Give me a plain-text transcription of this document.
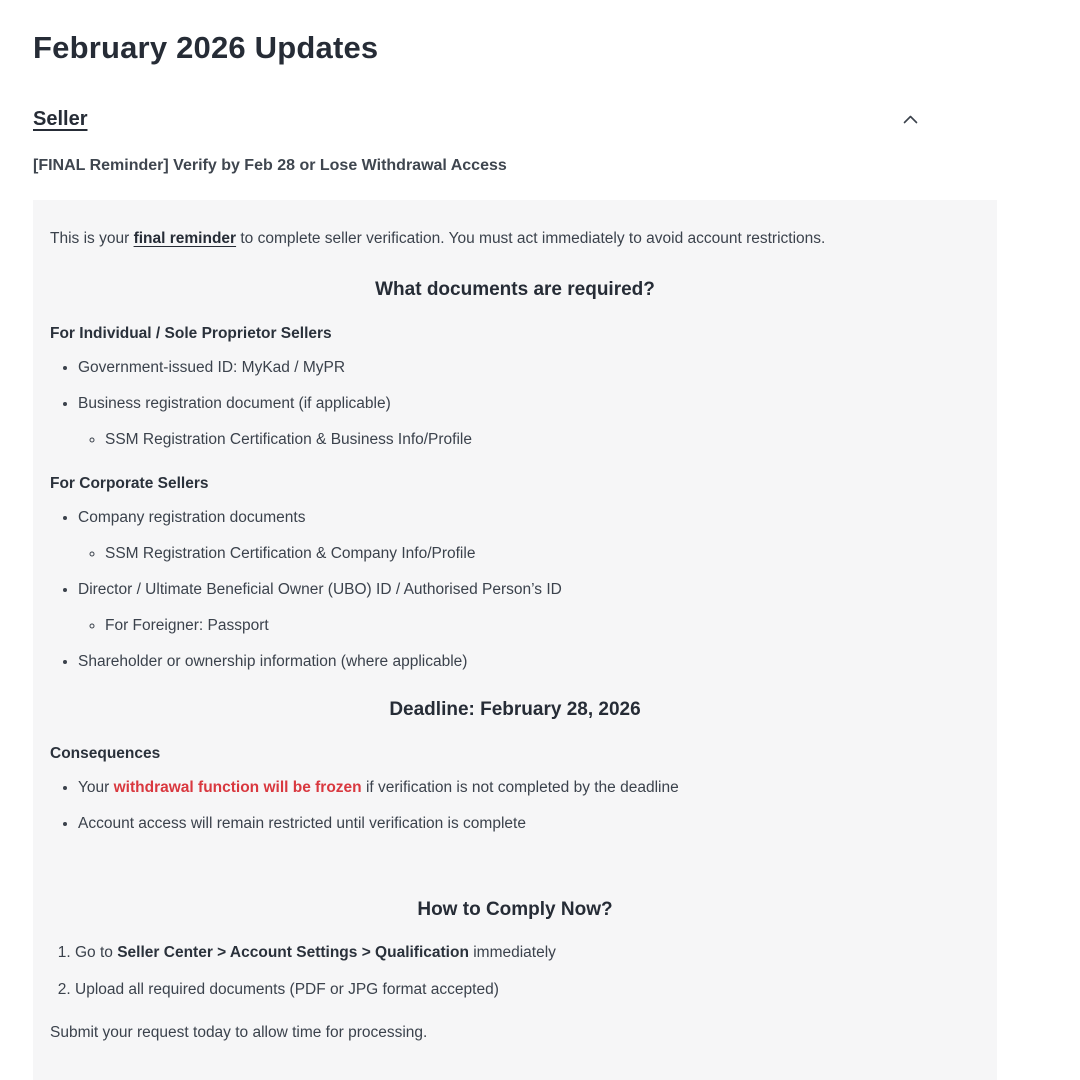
February 2026 Updates
Seller
[FINAL Reminder] Verify by Feb 28 or Lose Withdrawal Access

This is your final reminder to complete seller verification. You must act immediately to avoid account restrictions.

What documents are required?

For Individual / Sole Proprietor Sellers

• Government-issued ID: MyKad / MyPR
• Business registration document (if applicable)
◦ SSM Registration Certification & Business Info/Profile

For Corporate Sellers

• Company registration documents
◦ SSM Registration Certification & Company Info/Profile
• Director / Ultimate Beneficial Owner (UBO) ID / Authorised Person’s ID
◦ For Foreigner: Passport
• Shareholder or ownership information (where applicable)
Deadline: February 28, 2026

Consequences

• Your withdrawal function will be frozen if verification is not completed by the deadline
• Account access will remain restricted until verification is complete
How to Comply Now?
1. Go to Seller Center > Account Settings > Qualification immediately
2. Upload all required documents (PDF or JPG format accepted)

Submit your request today to allow time for processing.
